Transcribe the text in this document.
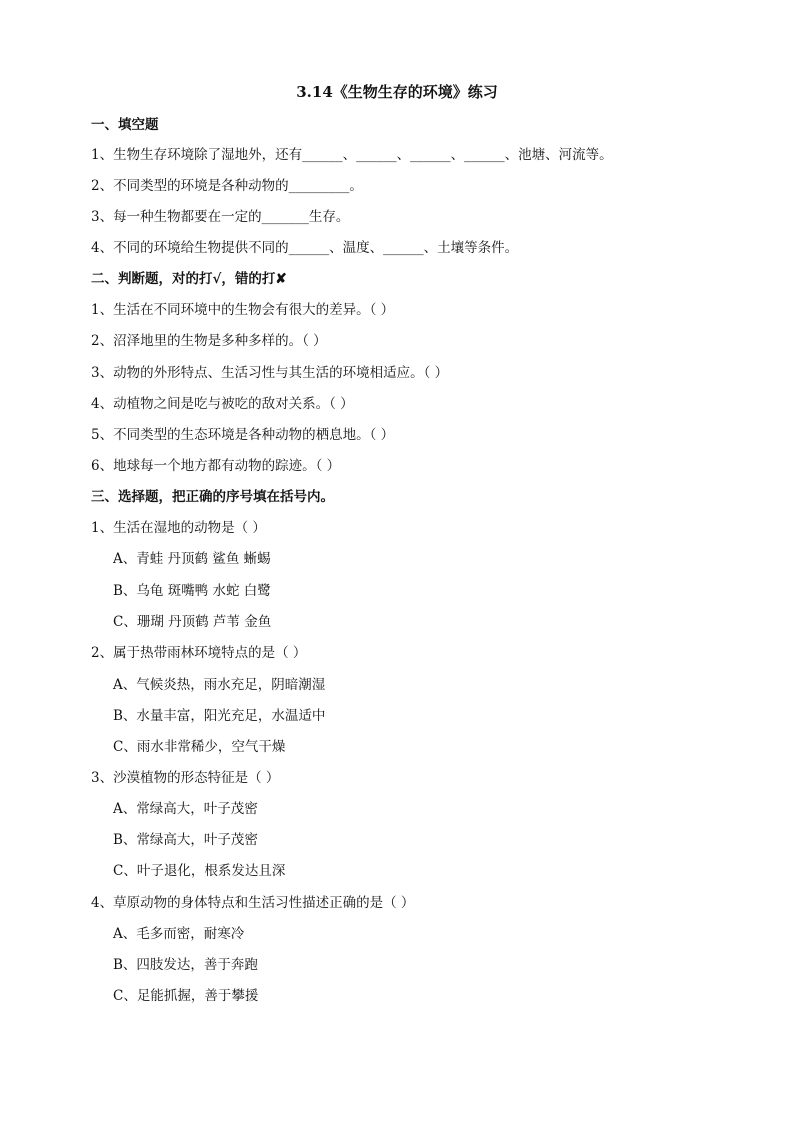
3.14《生物生存的环境》练习
一、填空题
1、生物生存环境除了湿地外，还有______、______、______、______、池塘、河流等。
2、不同类型的环境是各种动物的_________。
3、每一种生物都要在一定的_______生存。
4、不同的环境给生物提供不同的______、温度、______、土壤等条件。
二、判断题，对的打√，错的打✘
1、生活在不同环境中的生物会有很大的差异。（ ）
2、沼泽地里的生物是多种多样的。（ ）
3、动物的外形特点、生活习性与其生活的环境相适应。（ ）
4、动植物之间是吃与被吃的敌对关系。（ ）
5、不同类型的生态环境是各种动物的栖息地。（ ）
6、地球每一个地方都有动物的踪迹。（ ）
三、选择题，把正确的序号填在括号内。
1、生活在湿地的动物是（ ）
A、青蛙 丹顶鹤 鲨鱼 蜥蜴
B、乌龟 斑嘴鸭 水蛇 白鹭
C、珊瑚 丹顶鹤 芦苇 金鱼
2、属于热带雨林环境特点的是（ ）
A、气候炎热，雨水充足，阴暗潮湿
B、水量丰富，阳光充足，水温适中
C、雨水非常稀少，空气干燥
3、沙漠植物的形态特征是（ ）
A、常绿高大，叶子茂密
B、常绿高大，叶子茂密
C、叶子退化，根系发达且深
4、草原动物的身体特点和生活习性描述正确的是（ ）
A、毛多而密，耐寒冷
B、四肢发达，善于奔跑
C、足能抓握，善于攀援
